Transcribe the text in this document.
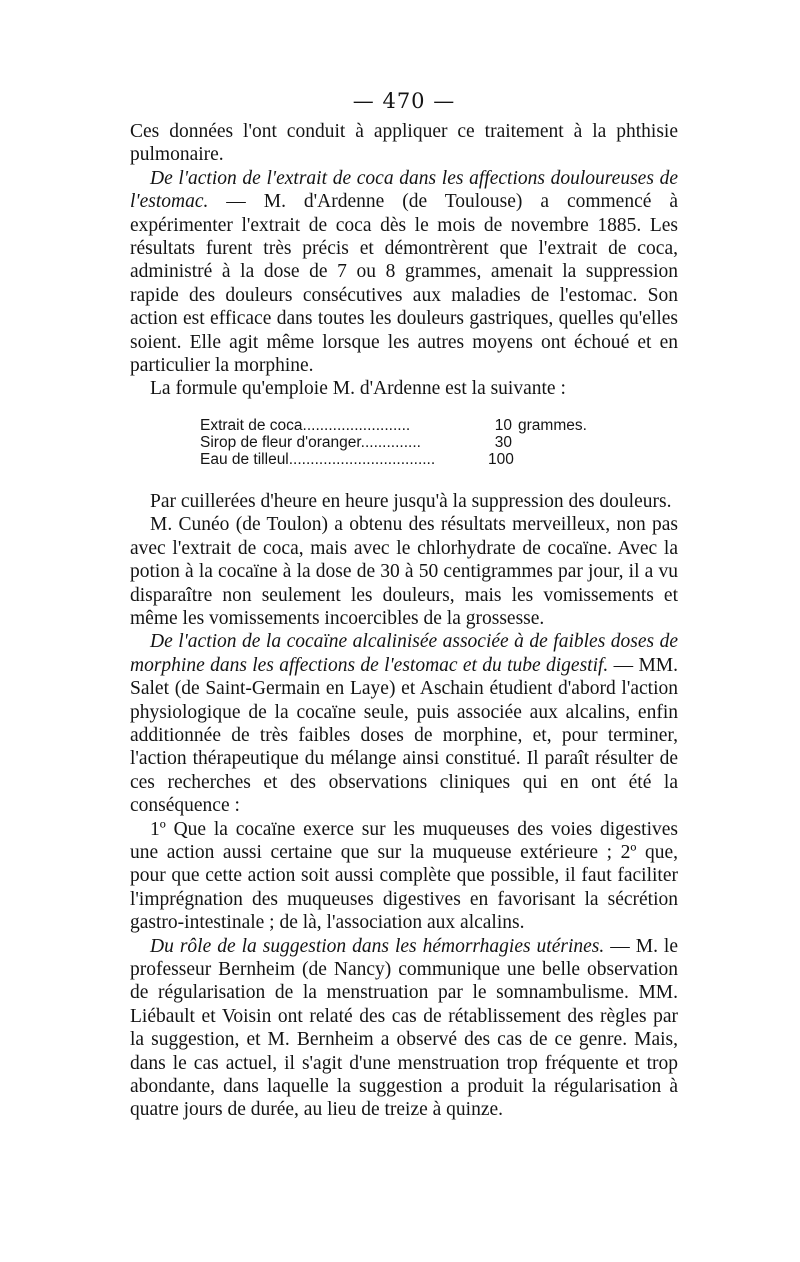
— 470 —

Ces données l'ont conduit à appliquer ce traitement à la phthisie pulmonaire.

De l'action de l'extrait de coca dans les affections douloureuses de l'estomac. — M. d'Ardenne (de Toulouse) a commencé à expérimenter l'extrait de coca dès le mois de novembre 1885. Les résultats furent très précis et démontrèrent que l'extrait de coca, administré à la dose de 7 ou 8 grammes, amenait la suppression rapide des douleurs consécutives aux maladies de l'estomac. Son action est efficace dans toutes les douleurs gastriques, quelles qu'elles soient. Elle agit même lorsque les autres moyens ont échoué et en particulier la morphine.

La formule qu'emploie M. d'Ardenne est la suivante :

Extrait de coca.........................	10 grammes.
Sirop de fleur d'oranger..............	30
Eau de tilleul..................................	100

Par cuillerées d'heure en heure jusqu'à la suppression des douleurs.

M. Cunéo (de Toulon) a obtenu des résultats merveilleux, non pas avec l'extrait de coca, mais avec le chlorhydrate de cocaïne. Avec la potion à la cocaïne à la dose de 30 à 50 centigrammes par jour, il a vu disparaître non seulement les douleurs, mais les vomissements et même les vomissements incoercibles de la grossesse.

De l'action de la cocaïne alcalinisée associée à de faibles doses de morphine dans les affections de l'estomac et du tube digestif. — MM. Salet (de Saint-Germain en Laye) et Aschain étudient d'abord l'action physiologique de la cocaïne seule, puis associée aux alcalins, enfin additionnée de très faibles doses de morphine, et, pour terminer, l'action thérapeutique du mélange ainsi constitué. Il paraît résulter de ces recherches et des observations cliniques qui en ont été la conséquence :

1º Que la cocaïne exerce sur les muqueuses des voies digestives une action aussi certaine que sur la muqueuse extérieure ; 2º que, pour que cette action soit aussi complète que possible, il faut faciliter l'imprégnation des muqueuses digestives en favorisant la sécrétion gastro-intestinale ; de là, l'association aux alcalins.

Du rôle de la suggestion dans les hémorrhagies utérines. — M. le professeur Bernheim (de Nancy) communique une belle observation de régularisation de la menstruation par le somnambulisme. MM. Liébault et Voisin ont relaté des cas de rétablissement des règles par la suggestion, et M. Bernheim a observé des cas de ce genre. Mais, dans le cas actuel, il s'agit d'une menstruation trop fréquente et trop abondante, dans laquelle la suggestion a produit la régularisation à quatre jours de durée, au lieu de treize à quinze.
